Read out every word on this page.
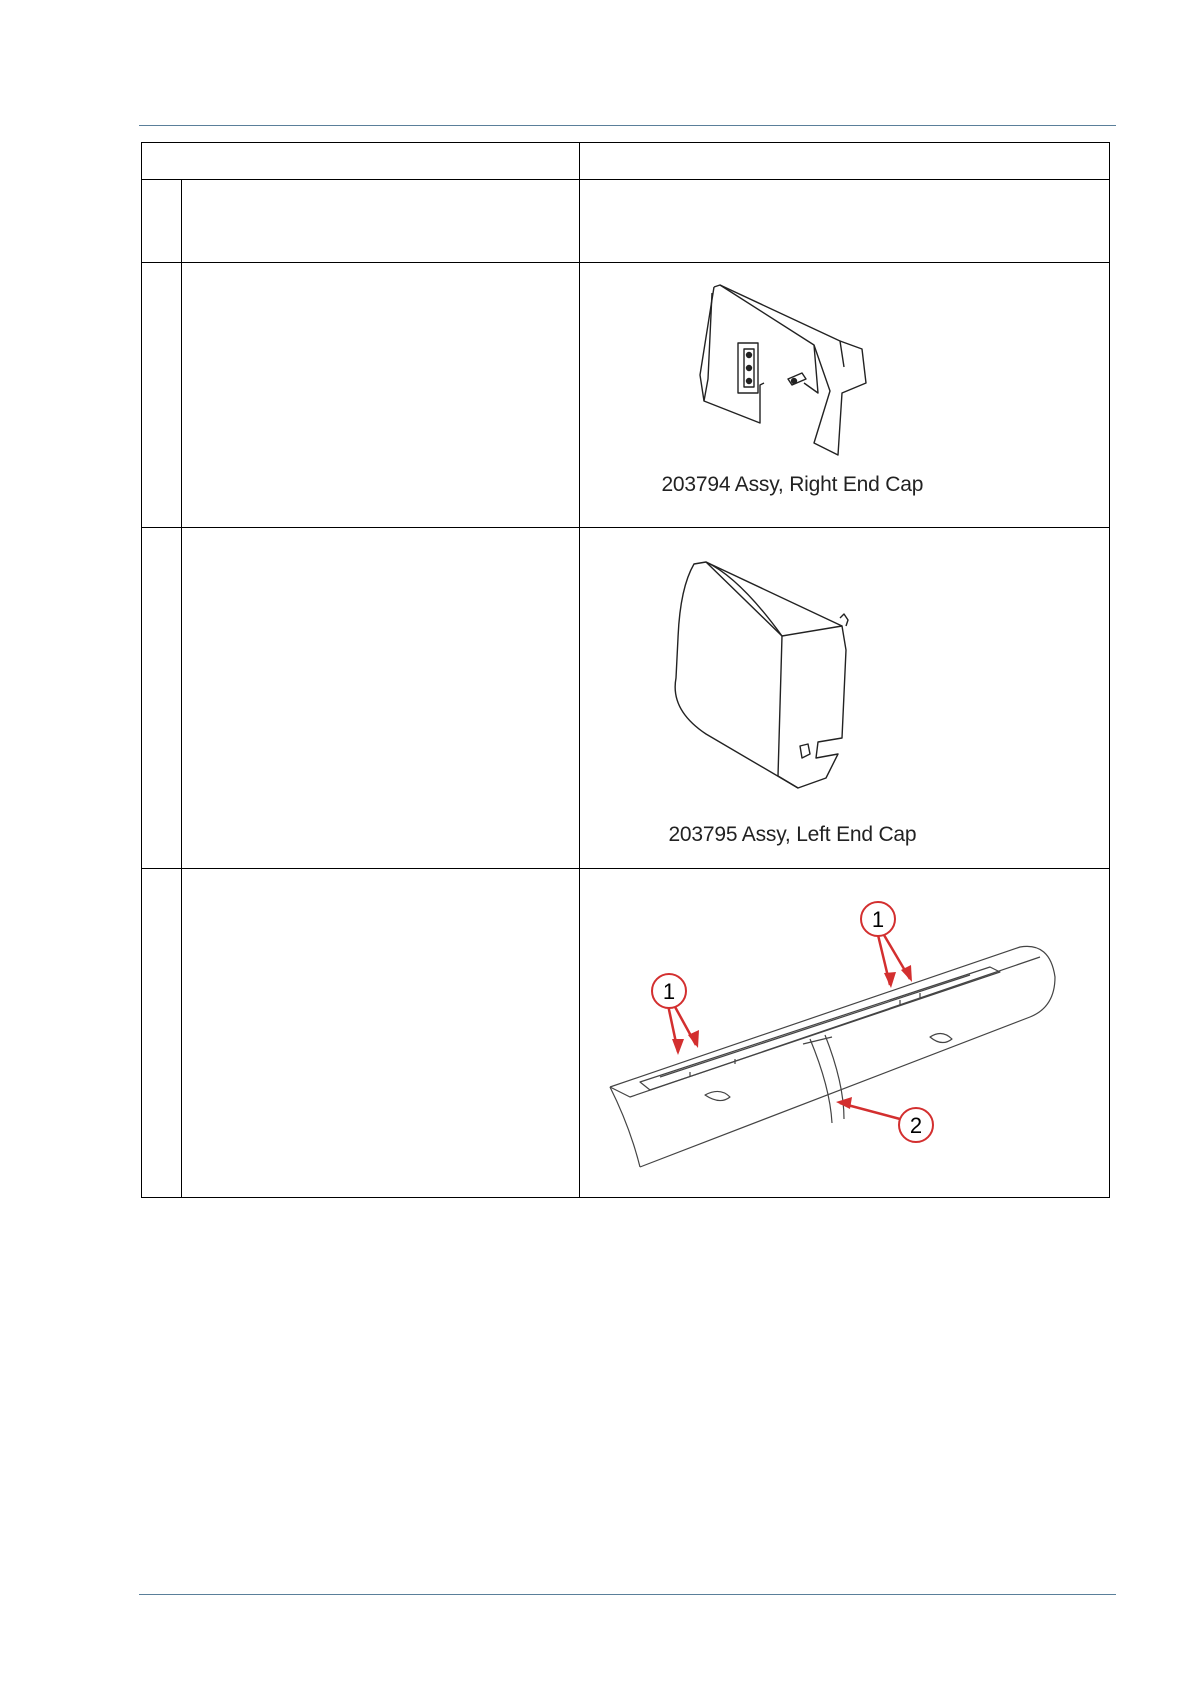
		203794 Assy, Right End Cap

		203795 Assy, Left End Cap

1
1
2
